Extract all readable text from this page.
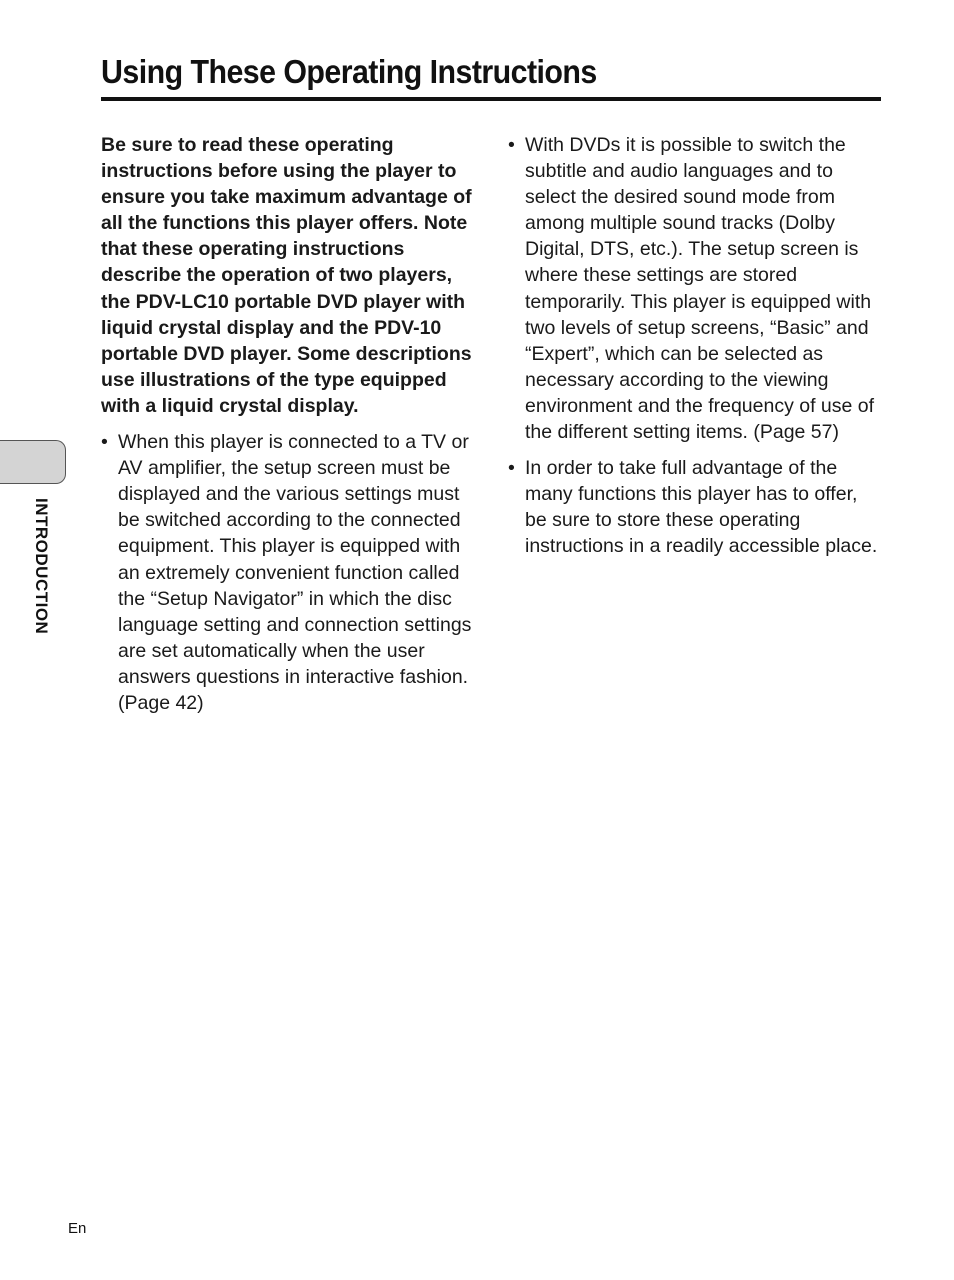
Using These Operating Instructions
INTRODUCTION

Be sure to read these operating instructions before using the player to ensure you take maximum advantage of all the functions this player offers. Note that these operating instructions describe the operation of two players, the PDV-LC10 portable DVD player with liquid crystal display and the PDV-10 portable DVD player. Some descriptions use illustrations of the type equipped with a liquid crystal display.

• When this player is connected to a TV or AV amplifier, the setup screen must be displayed and the various settings must be switched according to the connected equipment. This player is equipped with an extremely convenient function called the “Setup Navigator” in which the disc language setting and connection settings are set automatically when the user answers questions in interactive fashion. (Page 42)
• With DVDs it is possible to switch the subtitle and audio languages and to select the desired sound mode from among multiple sound tracks (Dolby Digital, DTS, etc.). The setup screen is where these settings are stored temporarily. This player is equipped with two levels of setup screens, “Basic” and “Expert”, which can be selected as necessary according to the viewing environment and the frequency of use of the different setting items. (Page 57)
• In order to take full advantage of the many functions this player has to offer, be sure to store these operating instructions in a readily accessible place.
En
